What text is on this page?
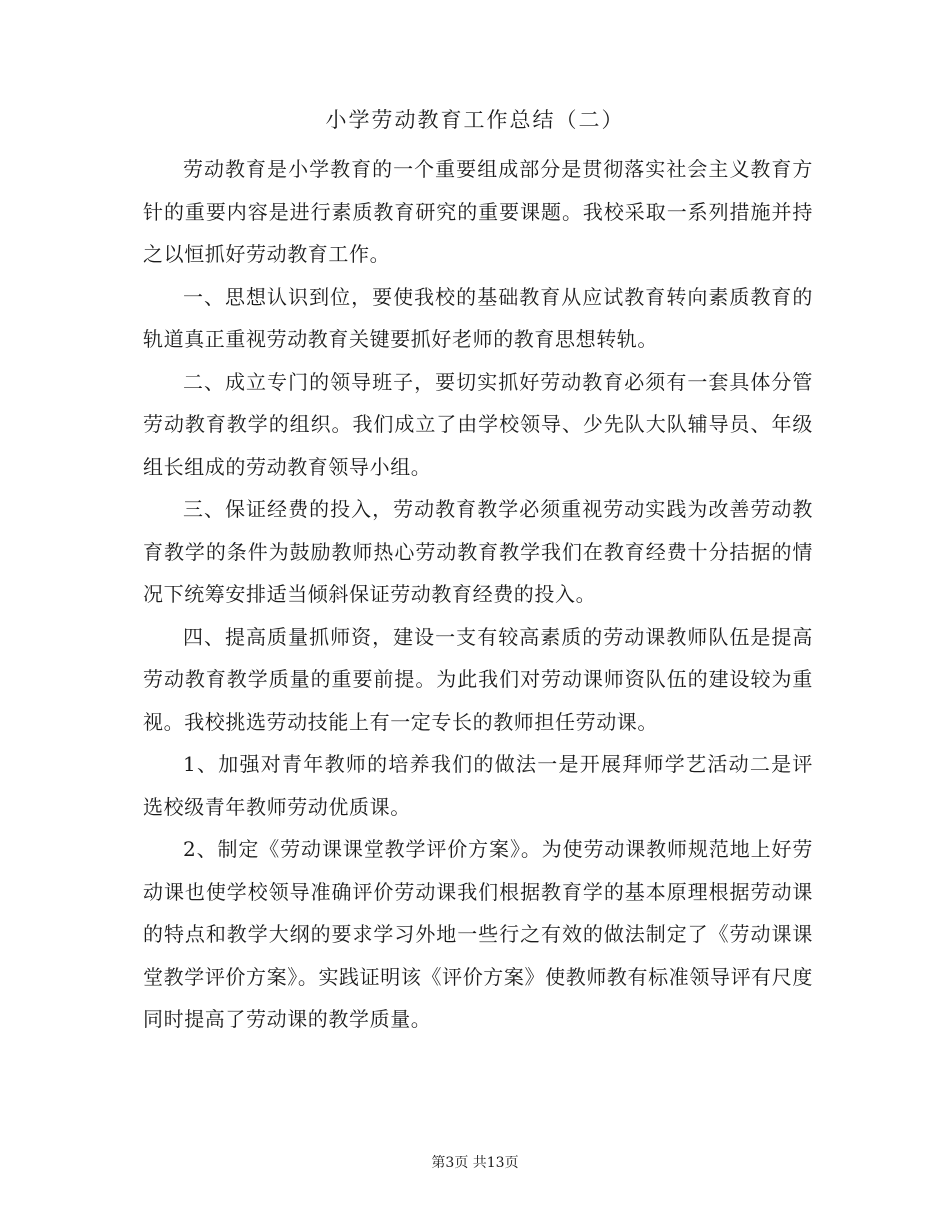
小学劳动教育工作总结（二）

劳动教育是小学教育的一个重要组成部分是贯彻落实社会主义教育方针的重要内容是进行素质教育研究的重要课题。我校采取一系列措施并持之以恒抓好劳动教育工作。

一、思想认识到位，要使我校的基础教育从应试教育转向素质教育的轨道真正重视劳动教育关键要抓好老师的教育思想转轨。

二、成立专门的领导班子，要切实抓好劳动教育必须有一套具体分管劳动教育教学的组织。我们成立了由学校领导、少先队大队辅导员、年级组长组成的劳动教育领导小组。

三、保证经费的投入，劳动教育教学必须重视劳动实践为改善劳动教育教学的条件为鼓励教师热心劳动教育教学我们在教育经费十分拮据的情况下统筹安排适当倾斜保证劳动教育经费的投入。

四、提高质量抓师资，建设一支有较高素质的劳动课教师队伍是提高劳动教育教学质量的重要前提。为此我们对劳动课师资队伍的建设较为重视。我校挑选劳动技能上有一定专长的教师担任劳动课。

1、加强对青年教师的培养我们的做法一是开展拜师学艺活动二是评选校级青年教师劳动优质课。

2、制定《劳动课课堂教学评价方案》。为使劳动课教师规范地上好劳动课也使学校领导准确评价劳动课我们根据教育学的基本原理根据劳动课的特点和教学大纲的要求学习外地一些行之有效的做法制定了《劳动课课堂教学评价方案》。实践证明该《评价方案》使教师教有标准领导评有尺度同时提高了劳动课的教学质量。

第3页 共13页
